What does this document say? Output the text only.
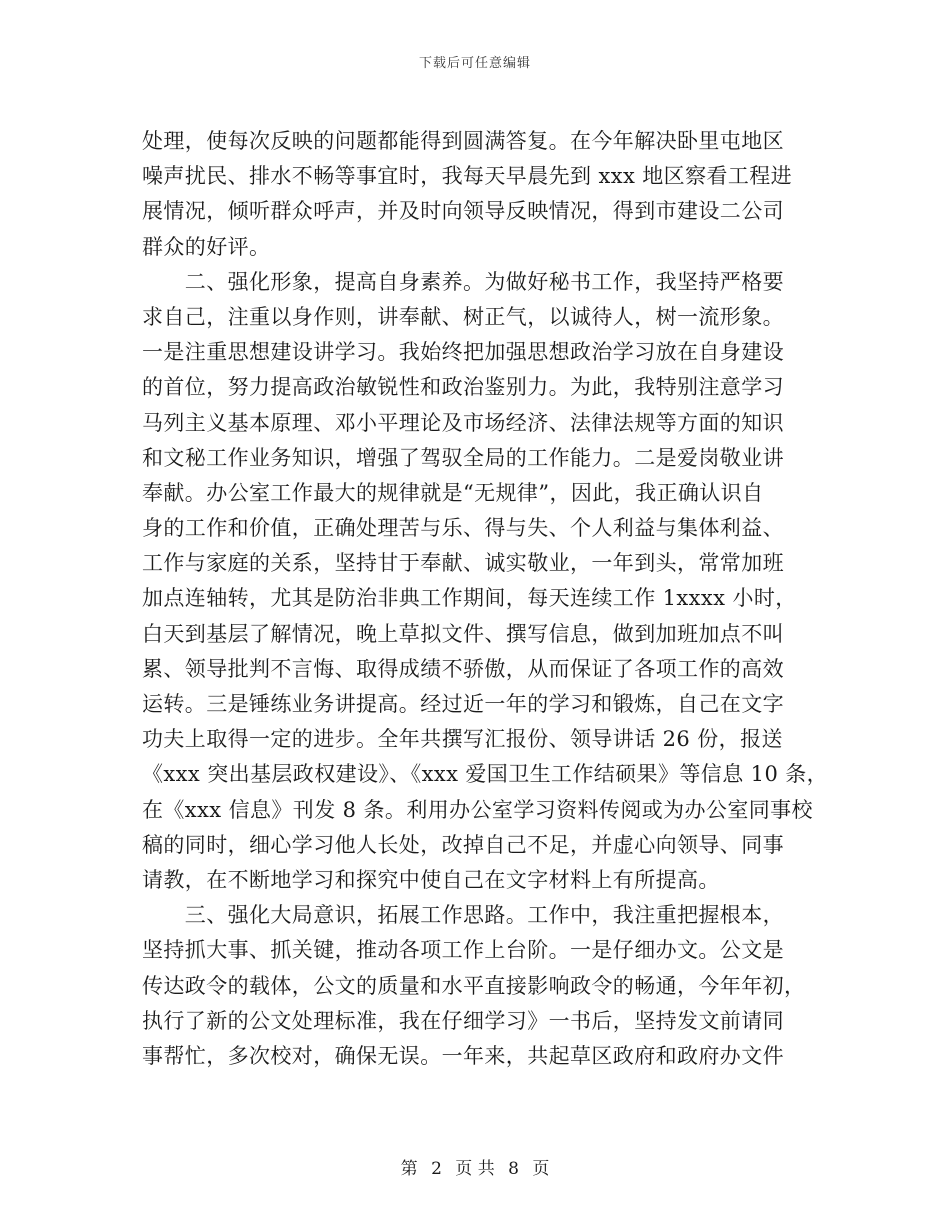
下载后可任意编辑
处理，使每次反映的问题都能得到圆满答复。在今年解决卧里屯地区
噪声扰民、排水不畅等事宜时，我每天早晨先到 xxx 地区察看工程进
展情况，倾听群众呼声，并及时向领导反映情况，得到市建设二公司
群众的好评。
　　二、强化形象，提高自身素养。为做好秘书工作，我坚持严格要
求自己，注重以身作则，讲奉献、树正气，以诚待人，树一流形象。
一是注重思想建设讲学习。我始终把加强思想政治学习放在自身建设
的首位，努力提高政治敏锐性和政治鉴别力。为此，我特别注意学习
马列主义基本原理、邓小平理论及市场经济、法律法规等方面的知识
和文秘工作业务知识，增强了驾驭全局的工作能力。二是爱岗敬业讲
奉献。办公室工作最大的规律就是“无规律”，因此，我正确认识自
身的工作和价值，正确处理苦与乐、得与失、个人利益与集体利益、
工作与家庭的关系，坚持甘于奉献、诚实敬业，一年到头，常常加班
加点连轴转，尤其是防治非典工作期间，每天连续工作 1xxxx 小时，
白天到基层了解情况，晚上草拟文件、撰写信息，做到加班加点不叫
累、领导批判不言悔、取得成绩不骄傲，从而保证了各项工作的高效
运转。三是锤练业务讲提高。经过近一年的学习和锻炼，自己在文字
功夫上取得一定的进步。全年共撰写汇报份、领导讲话 26 份，报送
《xxx 突出基层政权建设》、《xxx 爱国卫生工作结硕果》等信息 10 条，
在《xxx 信息》刊发 8 条。利用办公室学习资料传阅或为办公室同事校
稿的同时，细心学习他人长处，改掉自己不足，并虚心向领导、同事
请教，在不断地学习和探究中使自己在文字材料上有所提高。
　　三、强化大局意识，拓展工作思路。工作中，我注重把握根本，
坚持抓大事、抓关键，推动各项工作上台阶。一是仔细办文。公文是
传达政令的载体，公文的质量和水平直接影响政令的畅通，今年年初，
执行了新的公文处理标准，我在仔细学习》一书后，坚持发文前请同
事帮忙，多次校对，确保无误。一年来，共起草区政府和政府办文件
第 2 页 共 8 页
